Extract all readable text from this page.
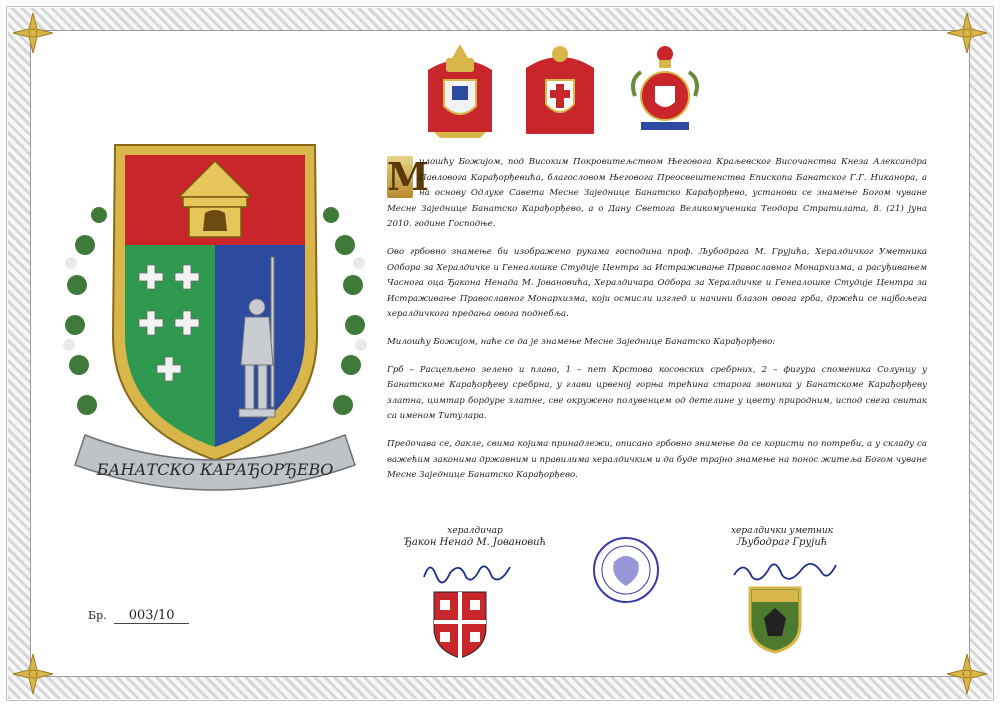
БАНАТСКО КАРАЂОРЂЕВО

М
илошћу Божијом, под Високим Покровитељством Његовога Краљевског Височанства Кнеза Александра Павловога Карађорђевића, благословом Његовога Преосвештенства Епископа Банатског Г.Г. Никанора, а на основу Одлуке Савета Месне Заједнице Банатско Карађорђево, установи се знамење Богом чуване Месне Заједнице Банатско Карађорђево, а о Дану Светога Великомученика Теодора Стратилата, 8. (21) јуна 2010. године Господње.

Ово грбовно знамење би изображено рукама господина проф. Љубодрага М. Грујића, Хералдичког Уметника Одбора за Хералдичке и Генеалошке Студије Центра за Истраживање Православног Монархизма, а расуђивањем Часнога оца Ђакона Ненада М. Јовановића, Хералдичара Одбора за Хералдичке и Генеалошке Студије Центра за Истраживање Православног Монархизма, који осмисли изглед и начини блазон овога грба, држећи се најбољега хералдичкога предања овога поднебља.

Милошћу Божијом, наће се да је знамење Месне Заједнице Банатско Карађорђево:

Грб – Расцепљено зелено и плаво, 1 – пет Крстова косовских сребрних, 2 – фигура споменика Солунцу у Банатскоме Карађорђеву сребрна, у глави црвеној горња трећина старога звоника у Банатскоме Карађорђеву златна, цимтар бордуре златне, све окружено полувенцем од детелине у цвету природним, испод свега свитак са именом Титулара.

Предочава се, дакле, свима којима принадлежи, описано грбовно знамење да се користи по потреби, а у складу са важећим законима државним и правилима хералдичким и да буде трајно знамење на понос житеља Богом чуване Месне Заједнице Банатско Карађорђево.

хералдичар
Ђакон Ненад М. Јовановић
хералдички уметник
Љубодраг Грујић
Бр. 003/10
